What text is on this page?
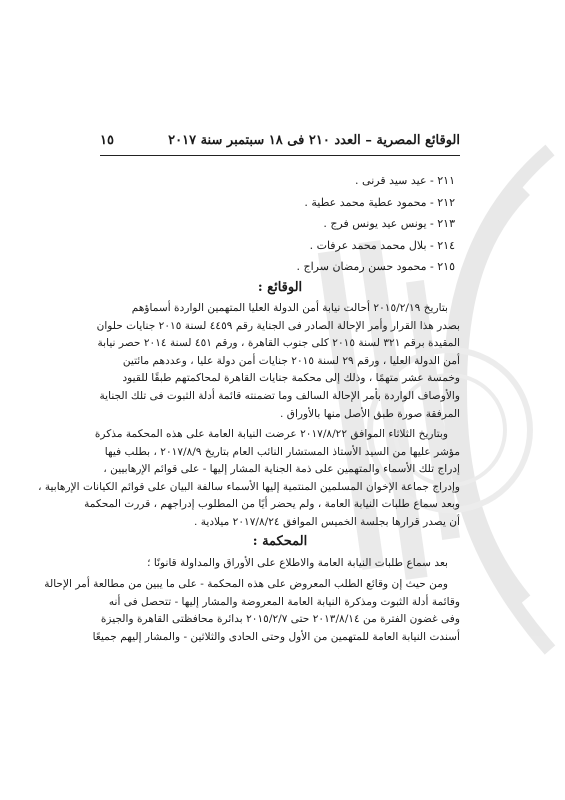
الوقائع المصرية – العدد ٢١٠ فى ١٨ سبتمبر سنة ٢٠١٧
١٥
٢١١ - عيد سيد قرنى .
٢١٢ - محمود عطية محمد عطية .
٢١٣ - يونس عيد يونس فرج .
٢١٤ - بلال محمد محمد عرفات .
٢١٥ - محمود حسن رمضان سراج .
الوقائع :
بتاريخ ٢٠١٥/٢/١٩ أحالت نيابة أمن الدولة العليا المتهمين الواردة أسماؤهم
بصدر هذا القرار وأمر الإحالة الصادر فى الجناية رقم ٤٤٥٩ لسنة ٢٠١٥ جنايات حلوان
المقيدة برقم ٣٢١ لسنة ٢٠١٥ كلى جنوب القاهرة ، ورقم ٤٥١ لسنة ٢٠١٤ حصر نيابة
أمن الدولة العليا ، ورقم ٢٩ لسنة ٢٠١٥ جنايات أمن دولة عليا ، وعددهم مائتين
وخمسة عشر متهمًا ، وذلك إلى محكمة جنايات القاهرة لمحاكمتهم طبقًا للقيود
والأوصاف الواردة بأمر الإحالة السالف وما تضمنته قائمة أدلة الثبوت فى تلك الجناية
المرفقة صورة طبق الأصل منها بالأوراق .
وبتاريخ الثلاثاء الموافق ٢٠١٧/٨/٢٢ عرضت النيابة العامة على هذه المحكمة مذكرة
مؤشر عليها من السيد الأستاذ المستشار النائب العام بتاريخ ٢٠١٧/٨/٩ ، بطلب فيها
إدراج تلك الأسماء والمتهمين على ذمة الجناية المشار إليها - على قوائم الإرهابيين ،
وإدراج جماعة الإخوان المسلمين المنتمية إليها الأسماء سالفة البيان على قوائم الكيانات الإرهابية ،
وبعد سماع طلبات النيابة العامة ، ولم يحضر أيًا من المطلوب إدراجهم ، قررت المحكمة
أن يصدر قرارها بجلسة الخميس الموافق ٢٠١٧/٨/٢٤ ميلادية .
المحكمة :
بعد سماع طلبات النيابة العامة والاطلاع على الأوراق والمداولة قانونًا ؛
ومن حيث إن وقائع الطلب المعروض على هذه المحكمة - على ما يبين من مطالعة أمر الإحالة
وقائمة أدلة الثبوت ومذكرة النيابة العامة المعروضة والمشار إليها - تتحصل فى أنه
وفى غضون الفترة من ٢٠١٣/٨/١٤ حتى ٢٠١٥/٢/٧ بدائرة محافظتى القاهرة والجيزة
أسندت النيابة العامة للمتهمين من الأول وحتى الحادى والثلاثين - والمشار إليهم جميعًا
